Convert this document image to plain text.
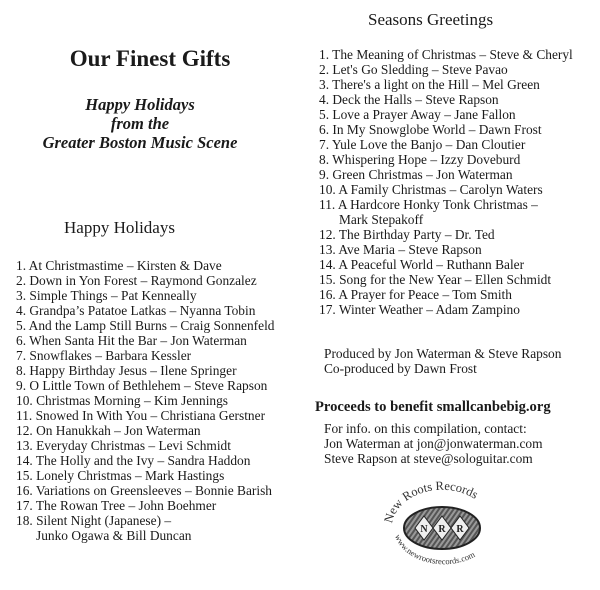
Our Finest Gifts
Happy Holidays
from the
Greater Boston Music Scene
Happy Holidays
1. At Christmastime – Kirsten & Dave
2. Down in Yon Forest – Raymond Gonzalez
3. Simple Things – Pat Kenneally
4. Grandpa’s Patatoe Latkas – Nyanna Tobin
5. And the Lamp Still Burns – Craig Sonnenfeld
6. When Santa Hit the Bar – Jon Waterman
7. Snowflakes – Barbara Kessler
8. Happy Birthday Jesus – Ilene Springer
9. O Little Town of Bethlehem – Steve Rapson
10. Christmas Morning – Kim Jennings
11. Snowed In With You – Christiana Gerstner
12. On Hanukkah – Jon Waterman
13. Everyday Christmas – Levi Schmidt
14. The Holly and the Ivy – Sandra Haddon
15. Lonely Christmas – Mark Hastings
16. Variations on Greensleeves – Bonnie Barish
17. The Rowan Tree – John Boehmer
18. Silent Night (Japanese) –
Junko Ogawa & Bill Duncan
Seasons Greetings
1. The Meaning of Christmas – Steve & Cheryl
2. Let's Go Sledding – Steve Pavao
3. There's a light on the Hill – Mel Green
4. Deck the Halls – Steve Rapson
5. Love a Prayer Away – Jane Fallon
6. In My Snowglobe World – Dawn Frost
7. Yule Love the Banjo – Dan Cloutier
8. Whispering Hope – Izzy Doveburd
9. Green Christmas – Jon Waterman
10. A Family Christmas – Carolyn Waters
11. A Hardcore Honky Tonk Christmas –
Mark Stepakoff
12. The Birthday Party – Dr. Ted
13. Ave Maria – Steve Rapson
14. A Peaceful World – Ruthann Baler
15. Song for the New Year – Ellen Schmidt
16. A Prayer for Peace – Tom Smith
17. Winter Weather – Adam Zampino
Produced by Jon Waterman & Steve Rapson
Co-produced by Dawn Frost
Proceeds to benefit smallcanbebig.org
For info. on this compilation, contact:
Jon Waterman at jon@jonwaterman.com
Steve Rapson at steve@sologuitar.com
New Roots Records
N R R
www.newrootsrecords.com
